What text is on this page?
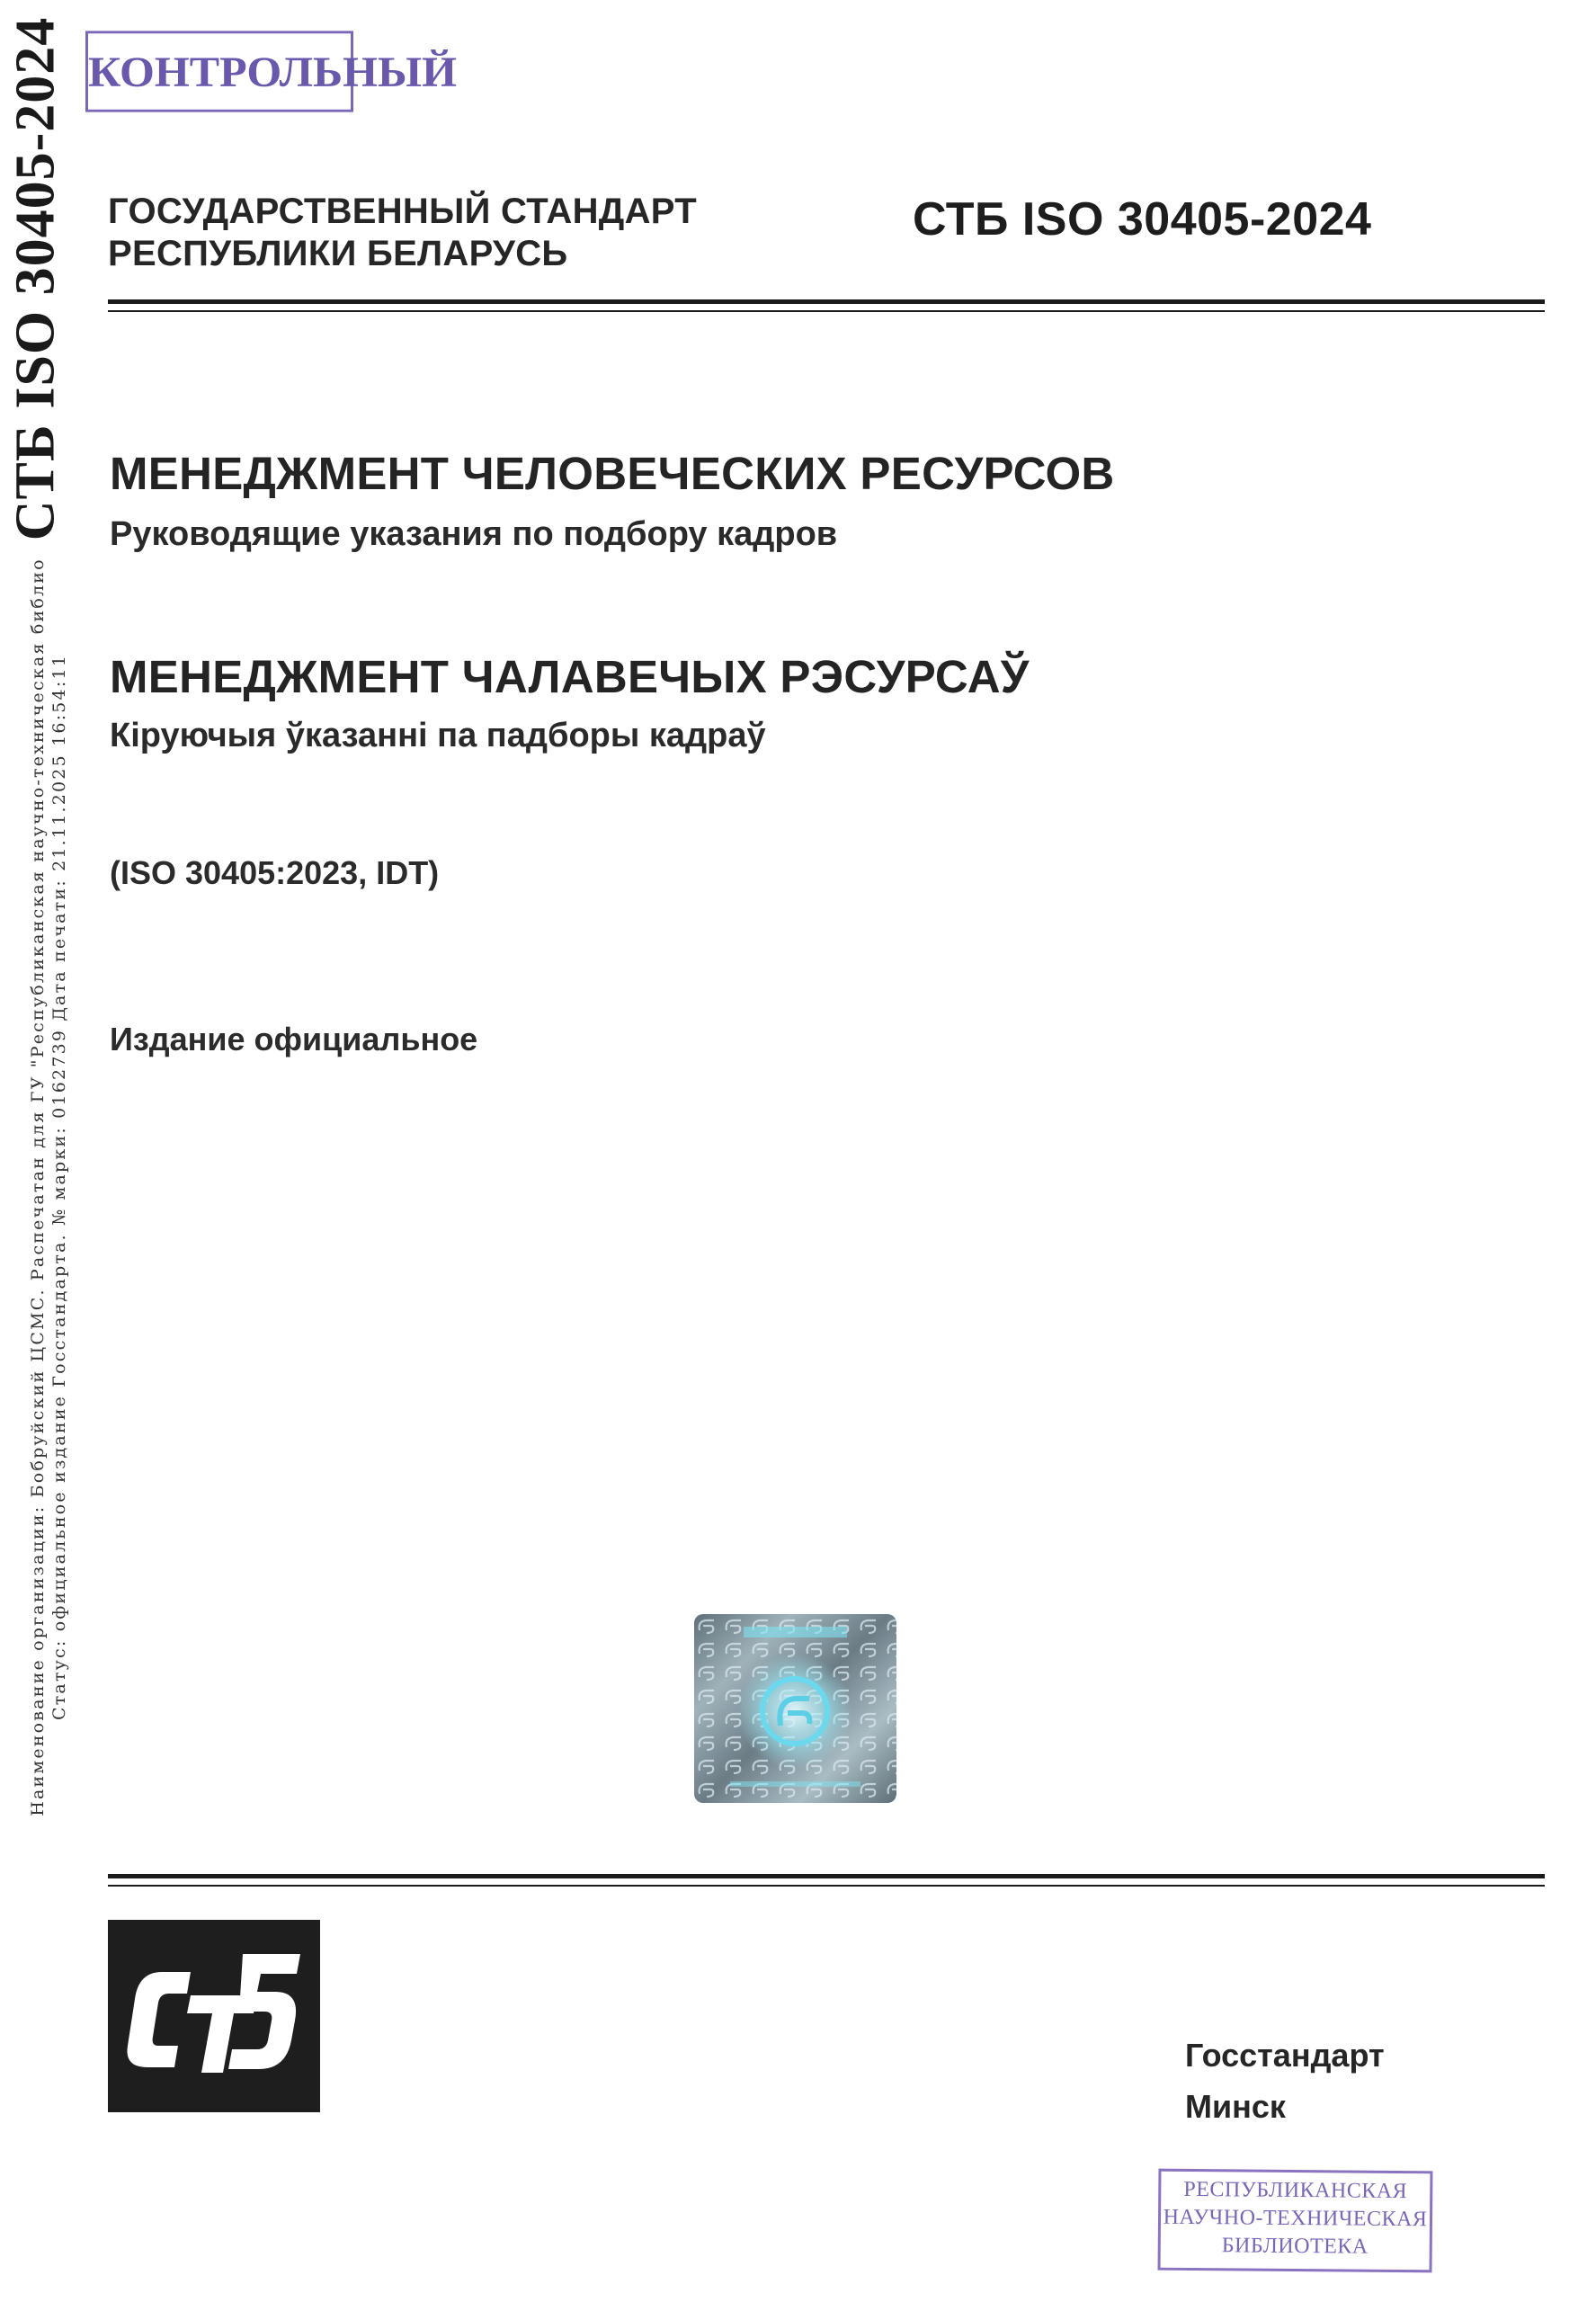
СТБ ISO 30405-2024
Наименование организации: Бобруйский ЦСМС. Распечатан для ГУ "Республиканская научно-техническая библио Статус: официальное издание Госстандарта. № марки: 0162739 Дата печати: 21.11.2025 16:54:11
КОНТРОЛЬНЫЙ
ГОСУДАРСТВЕННЫЙ СТАНДАРТ
РЕСПУБЛИКИ БЕЛАРУСЬ
СТБ ISO 30405-2024
МЕНЕДЖМЕНТ ЧЕЛОВЕЧЕСКИХ РЕСУРСОВ
Руководящие указания по подбору кадров
МЕНЕДЖМЕНТ ЧАЛАВЕЧЫХ РЭСУРСАЎ
Кіруючыя ўказанні па падборы кадраў
(ISO 30405:2023, IDT)
Издание официальное
Госстандарт
Минск
РЕСПУБЛИКАНСКАЯ
НАУЧНО-ТЕХНИЧЕСКАЯ
БИБЛИОТЕКА
